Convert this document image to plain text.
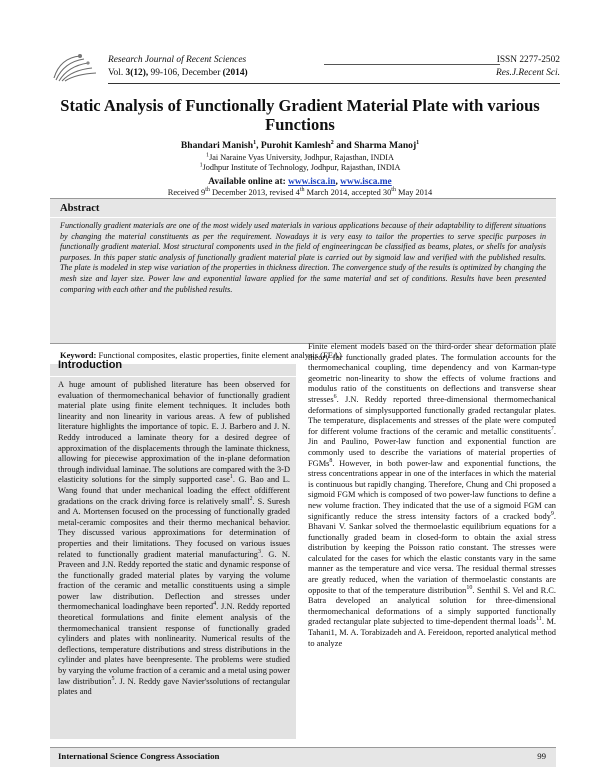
Research Journal of Recent Sciences
Vol. 3(12), 99-106, December (2014)
ISSN 2277-2502
Res.J.Recent Sci.
Static Analysis of Functionally Gradient Material Plate with various Functions
Bhandari Manish$^1$, Purohit Kamlesh$^2$ and Sharma Manoj$^1$
$^1$Jai Naraine Vyas University, Jodhpur, Rajasthan, INDIA
$^1$Jodhpur Institute of Technology, Jodhpur, Rajasthan, INDIA
Available online at: www.isca.in, www.isca.me
Received 9th December 2013, revised 4th March 2014, accepted 30th May 2014
Abstract
Functionally gradient materials are one of the most widely used materials in various applications because of their adaptability to different situations by changing the material constituents as per the requirement. Nowadays it is very easy to tailor the properties to serve specific purposes in functionally gradient material. Most structural components used in the field of engineeringcan be classified as beams, plates, or shells for analysis purposes. In this paper static analysis of functionally gradient material plate is carried out by sigmoid law and verified with the published results. The plate is modeled in step wise variation of the properties in thickness direction. The convergence study of the results is optimized by changing the mesh size and layer size. Power law and exponential laware applied for the same material and set of conditions. Results have been presented comparing with each other and the published results.
Keyword: Functional composites, elastic properties, finite element analysis (FEA)
Introduction
A huge amount of published literature has been observed for evaluation of thermomechanical behavior of functionally gradient material plate using finite element techniques. It includes both linearity and non linearity in various areas. A few of published literature highlights the importance of topic. E. J. Barbero and J. N. Reddy introduced a laminate theory for a desired degree of approximation of the displacements through the laminate thickness, allowing for piecewise approximation of the in-plane deformation through individual laminae. The solutions are compared with the 3-D elasticity solutions for the simply supported case$^1$. G. Bao and L. Wang found that under mechanical loading the effect ofdifferent gradations on the crack driving force is relatively small$^2$. S. Suresh and A. Mortensen focused on the processing of functionally graded metal-ceramic composites and their thermo mechanical behavior. They discussed various approximations for determination of properties and their limitations. They focused on various issues related to functionally gradient material manufacturing$^3$. G. N. Praveen and J.N. Reddy reported the static and dynamic response of the functionally graded material plates by varying the volume fraction of the ceramic and metallic constituents using a simple power law distribution. Deflection and stresses under thermomechanical loadinghave been reported$^4$. J.N. Reddy reported theoretical formulations and finite element analysis of the thermomechanical transient response of functionally graded cylinders and plates with nonlinearity. Numerical results of the deflections, temperature distributions and stress distributions in the cylinder and plates have beenpresente. The problems were studied by varying the volume fraction of a ceramic and a metal using power law distribution$^5$. J. N. Reddy gave Navier'ssolutions of rectangular plates and
Finite element models based on the third-order shear deformation plate theory for functionally graded plates. The formulation accounts for the thermomechanical coupling, time dependency and von Karman-type geometric non-linearity to show the effects of volume fractions and modulus ratio of the constituents on deflections and transverse shear stresses$^6$. J.N. Reddy reported three-dimensional thermomechanical deformations of simplysupported functionally graded rectangular plates. The temperature, displacements and stresses of the plate were computed for different volume fractions of the ceramic and metallic constituents$^7$. Jin and Paulino, Power-law function and exponential function are commonly used to describe the variations of material properties of FGMs$^8$. However, in both power-law and exponential functions, the stress concentrations appear in one of the interfaces in which the material is continuous but rapidly changing. Therefore, Chung and Chi proposed a sigmoid FGM which is composed of two power-law functions to define a new volume fraction. They indicated that the use of a sigmoid FGM can significantly reduce the stress intensity factors of a cracked body$^9$. Bhavani V. Sankar solved the thermoelastic equilibrium equations for a functionally graded beam in closed-form to obtain the axial stress distribution by keeping the Poisson ratio constant. The stresses were calculated for the cases for which the elastic constants vary in the same manner as the temperature and vice versa. The residual thermal stresses are greatly reduced, when the variation of thermoelastic constants are opposite to that of the temperature distribution$^{10}$. Senthil S. Vel and R.C. Batra developed an analytical solution for three-dimensional thermomechanical deformations of a simply supported functionally graded rectangular plate subjected to time-dependent thermal loads$^{11}$. M. Tahani1, M. A. Torabizadeh and A. Fereidoon, reported analytical method to analyze
International Science Congress Association	99
